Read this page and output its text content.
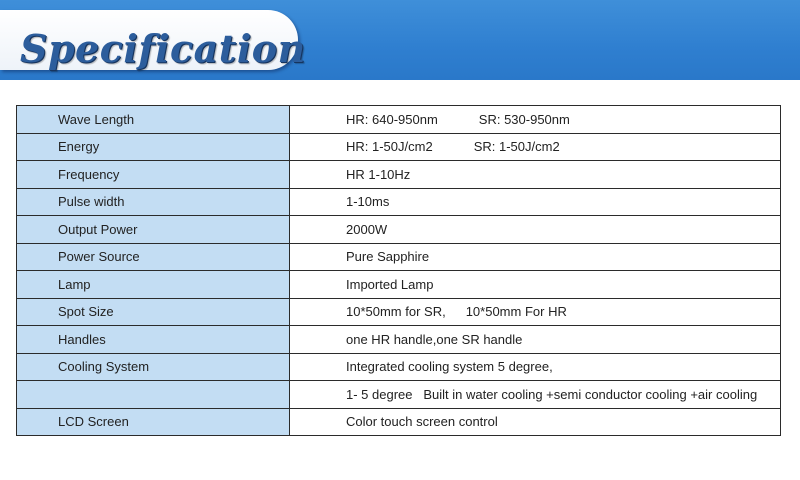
Specification
Wave Length	HR: 640-950nm SR: 530-950nm
Energy	HR: 1-50J/cm2 SR: 1-50J/cm2
Frequency	HR 1-10Hz
Pulse width	1-10ms
Output Power	2000W
Power Source	Pure Sapphire
Lamp	Imported Lamp
Spot Size	10*50mm for SR, 10*50mm For HR
Handles	one HR handle,one SR handle
Cooling System	Integrated cooling system 5 degree,
	1- 5 degree   Built in water cooling +semi conductor cooling +air cooling
LCD Screen	Color touch screen control
